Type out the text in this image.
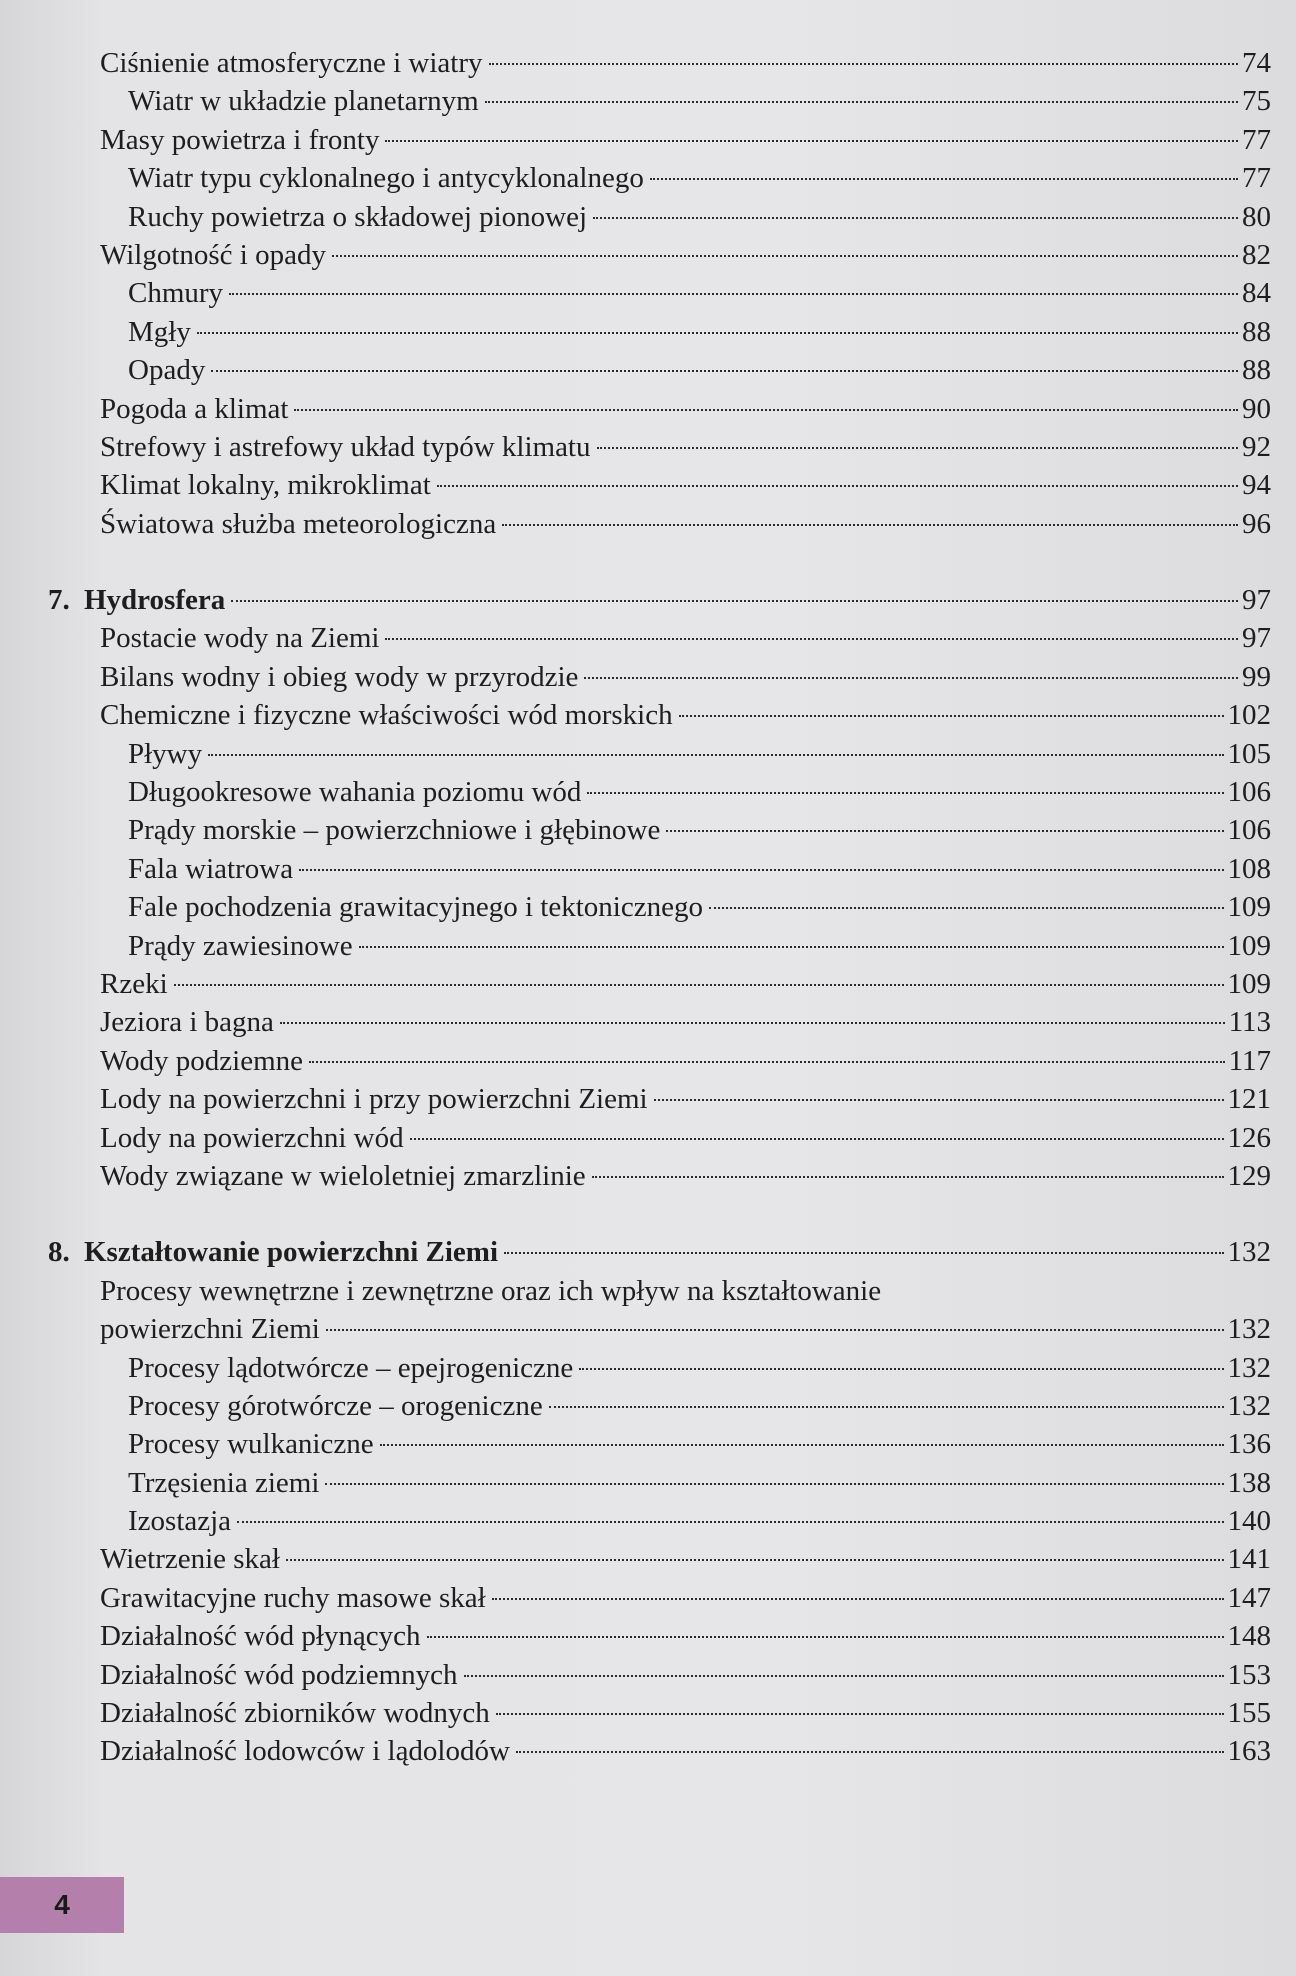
Ciśnienie atmosferyczne i wiatry	74
Wiatr w układzie planetarnym	75
Masy powietrza i fronty	77
Wiatr typu cyklonalnego i antycyklonalnego	77
Ruchy powietrza o składowej pionowej	80
Wilgotność i opady	82
Chmury	84
Mgły	88
Opady	88
Pogoda a klimat	90
Strefowy i astrefowy układ typów klimatu	92
Klimat lokalny, mikroklimat	94
Światowa służba meteorologiczna	96
7. Hydrosfera	97
Postacie wody na Ziemi	97
Bilans wodny i obieg wody w przyrodzie	99
Chemiczne i fizyczne właściwości wód morskich	102
Pływy	105
Długookresowe wahania poziomu wód	106
Prądy morskie – powierzchniowe i głębinowe	106
Fala wiatrowa	108
Fale pochodzenia grawitacyjnego i tektonicznego	109
Prądy zawiesinowe	109
Rzeki	109
Jeziora i bagna	113
Wody podziemne	117
Lody na powierzchni i przy powierzchni Ziemi	121
Lody na powierzchni wód	126
Wody związane w wieloletniej zmarzlinie	129
8. Kształtowanie powierzchni Ziemi	132
Procesy wewnętrzne i zewnętrzne oraz ich wpływ na kształtowanie
powierzchni Ziemi	132
Procesy lądotwórcze – epejrogeniczne	132
Procesy górotwórcze – orogeniczne	132
Procesy wulkaniczne	136
Trzęsienia ziemi	138
Izostazja	140
Wietrzenie skał	141
Grawitacyjne ruchy masowe skał	147
Działalność wód płynących	148
Działalność wód podziemnych	153
Działalność zbiorników wodnych	155
Działalność lodowców i lądolodów	163
4
